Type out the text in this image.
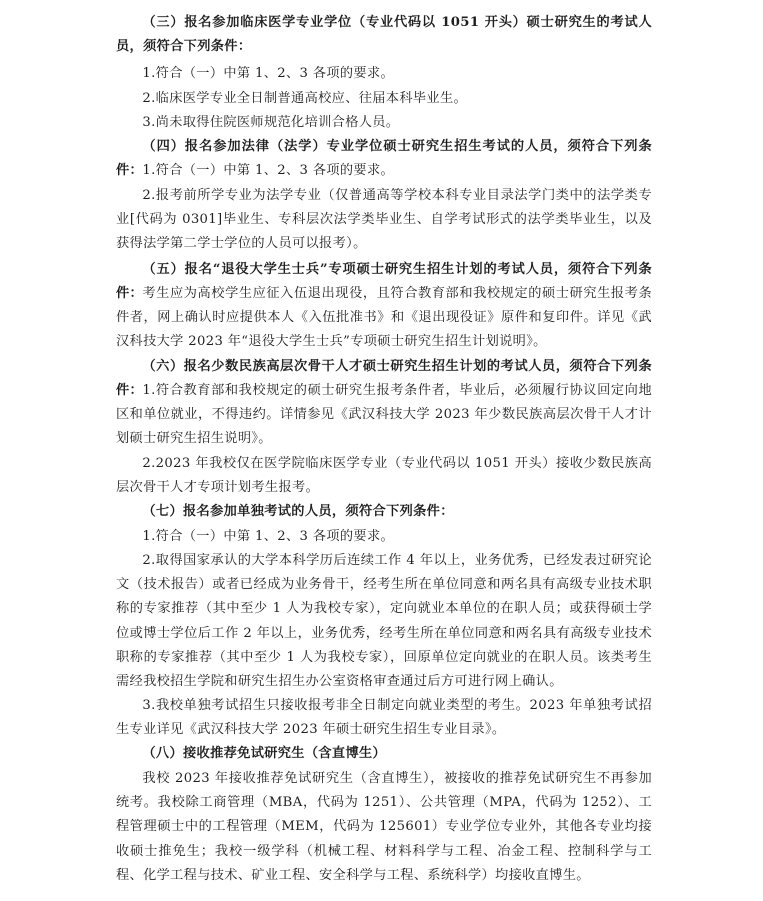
（三）报名参加临床医学专业学位（专业代码以 1051 开头）硕士研究生的考试人员，须符合下列条件：

1.符合（一）中第 1、2、3 各项的要求。

2.临床医学专业全日制普通高校应、往届本科毕业生。

3.尚未取得住院医师规范化培训合格人员。

（四）报名参加法律（法学）专业学位硕士研究生招生考试的人员，须符合下列条件： 1.符合（一）中第 1、2、3 各项的要求。

2.报考前所学专业为法学专业（仅普通高等学校本科专业目录法学门类中的法学类专业[代码为 0301]毕业生、专科层次法学类毕业生、自学考试形式的法学类毕业生，以及获得法学第二学士学位的人员可以报考）。

（五）报名“退役大学生士兵”专项硕士研究生招生计划的考试人员，须符合下列条件： 考生应为高校学生应征入伍退出现役，且符合教育部和我校规定的硕士研究生报考条件者，网上确认时应提供本人《入伍批准书》和《退出现役证》原件和复印件。详见《武汉科技大学 2023 年“退役大学生士兵”专项硕士研究生招生计划说明》。

（六）报名少数民族高层次骨干人才硕士研究生招生计划的考试人员，须符合下列条件： 1.符合教育部和我校规定的硕士研究生报考条件者，毕业后，必须履行协议回定向地区和单位就业，不得违约。详情参见《武汉科技大学 2023 年少数民族高层次骨干人才计划硕士研究生招生说明》。

2.2023 年我校仅在医学院临床医学专业（专业代码以 1051 开头）接收少数民族高层次骨干人才专项计划考生报考。

（七）报名参加单独考试的人员，须符合下列条件：

1.符合（一）中第 1、2、3 各项的要求。

2.取得国家承认的大学本科学历后连续工作 4 年以上，业务优秀，已经发表过研究论文（技术报告）或者已经成为业务骨干，经考生所在单位同意和两名具有高级专业技术职称的专家推荐（其中至少 1 人为我校专家），定向就业本单位的在职人员；或获得硕士学位或博士学位后工作 2 年以上，业务优秀，经考生所在单位同意和两名具有高级专业技术职称的专家推荐（其中至少 1 人为我校专家），回原单位定向就业的在职人员。该类考生需经我校招生学院和研究生招生办公室资格审查通过后方可进行网上确认。

3.我校单独考试招生只接收报考非全日制定向就业类型的考生。2023 年单独考试招生专业详见《武汉科技大学 2023 年硕士研究生招生专业目录》。

（八）接收推荐免试研究生（含直博生）

我校 2023 年接收推荐免试研究生（含直博生），被接收的推荐免试研究生不再参加统考。我校除工商管理（MBA，代码为 1251）、公共管理（MPA，代码为 1252）、工程管理硕士中的工程管理（MEM，代码为 125601）专业学位专业外，其他各专业均接收硕士推免生；我校一级学科（机械工程、材料科学与工程、冶金工程、控制科学与工程、化学工程与技术、矿业工程、安全科学与工程、系统科学）均接收直博生。
